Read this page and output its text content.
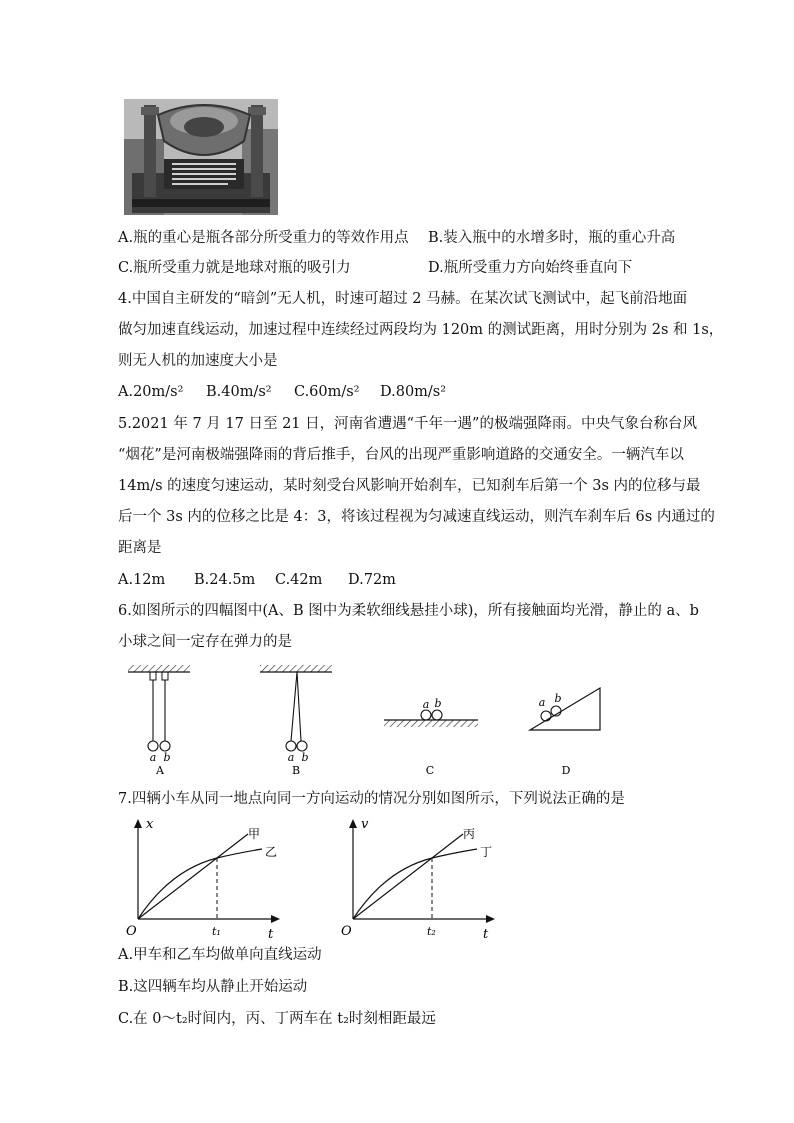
A.瓶的重心是瓶各部分所受重力的等效作用点 B.装入瓶中的水增多时，瓶的重心升高
C.瓶所受重力就是地球对瓶的吸引力	D.瓶所受重力方向始终垂直向下
4.中国自主研发的“暗剑”无人机，时速可超过 2 马赫。在某次试飞测试中，起飞前沿地面
做匀加速直线运动，加速过程中连续经过两段均为 120m 的测试距离，用时分别为 2s 和 1s，
则无人机的加速度大小是
A.20m/s² B.40m/s² C.60m/s² D.80m/s²
5.2021 年 7 月 17 日至 21 日，河南省遭遇“千年一遇”的极端强降雨。中央气象台称台风
“烟花”是河南极端强降雨的背后推手，台风的出现严重影响道路的交通安全。一辆汽车以
14m/s 的速度匀速运动，某时刻受台风影响开始刹车，已知刹车后第一个 3s 内的位移与最
后一个 3s 内的位移之比是 4：3，将该过程视为匀减速直线运动，则汽车刹车后 6s 内通过的
距离是
A.12m B.24.5m C.42m D.72m
6.如图所示的四幅图中(A、B 图中为柔软细线悬挂小球)，所有接触面均光滑，静止的 a、b
小球之间一定存在弹力的是
a b
A
a b
B
a b
C
a b
D
7.四辆小车从同一地点向同一方向运动的情况分别如图所示，下列说法正确的是
x
t
O
甲
乙
t₁
v
t
O
丙
丁
t₂
A.甲车和乙车均做单向直线运动
B.这四辆车均从静止开始运动
C.在 0～t₂时间内，丙、丁两车在 t₂时刻相距最远
